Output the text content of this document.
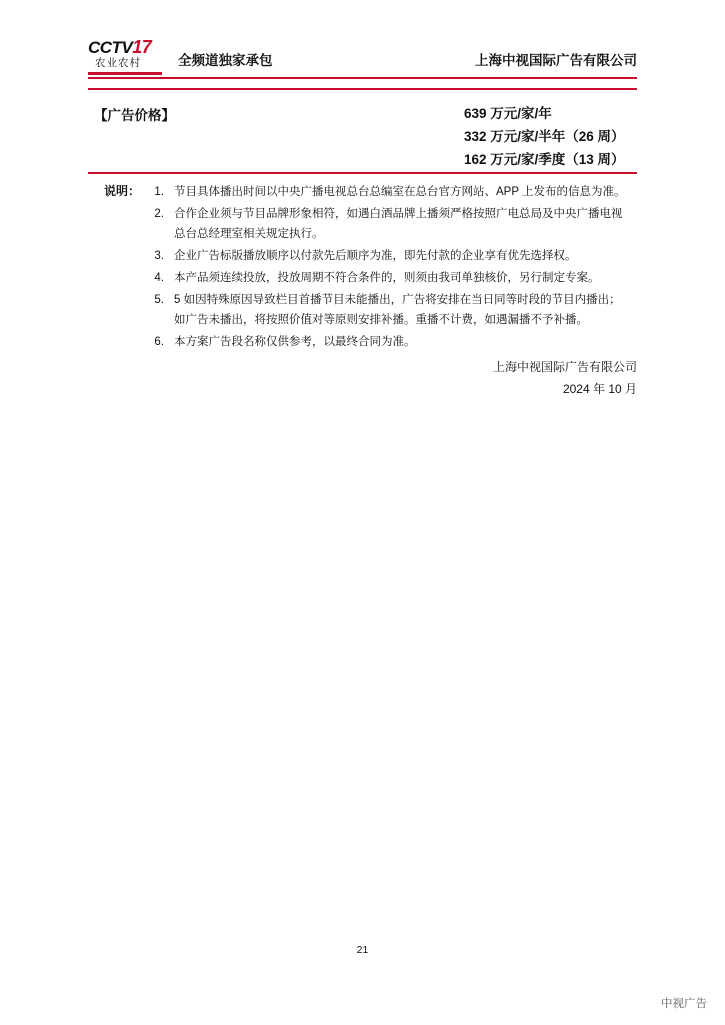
CCTV17
农业农村	全频道独家承包	上海中视国际广告有限公司
【广告价格】	639 万元/家/年
332 万元/家/半年（26 周）
162 万元/家/季度（13 周）
说明：	1. 节目具体播出时间以中央广播电视总台总编室在总台官方网站、APP 上发布的信息为准。
2. 合作企业须与节目品牌形象相符，如遇白酒品牌上播须严格按照广电总局及中央广播电视总台总经理室相关规定执行。
3. 企业广告标版播放顺序以付款先后顺序为准，即先付款的企业享有优先选择权。
4. 本产品须连续投放，投放周期不符合条件的，则须由我司单独核价，另行制定专案。
5. 5 如因特殊原因导致栏目首播节目未能播出，广告将安排在当日同等时段的节目内播出；如广告未播出，将按照价值对等原则安排补播。重播不计费，如遇漏播不予补播。
6. 本方案广告段名称仅供参考，以最终合同为准。
上海中视国际广告有限公司
2024 年 10 月
21
中视广告
